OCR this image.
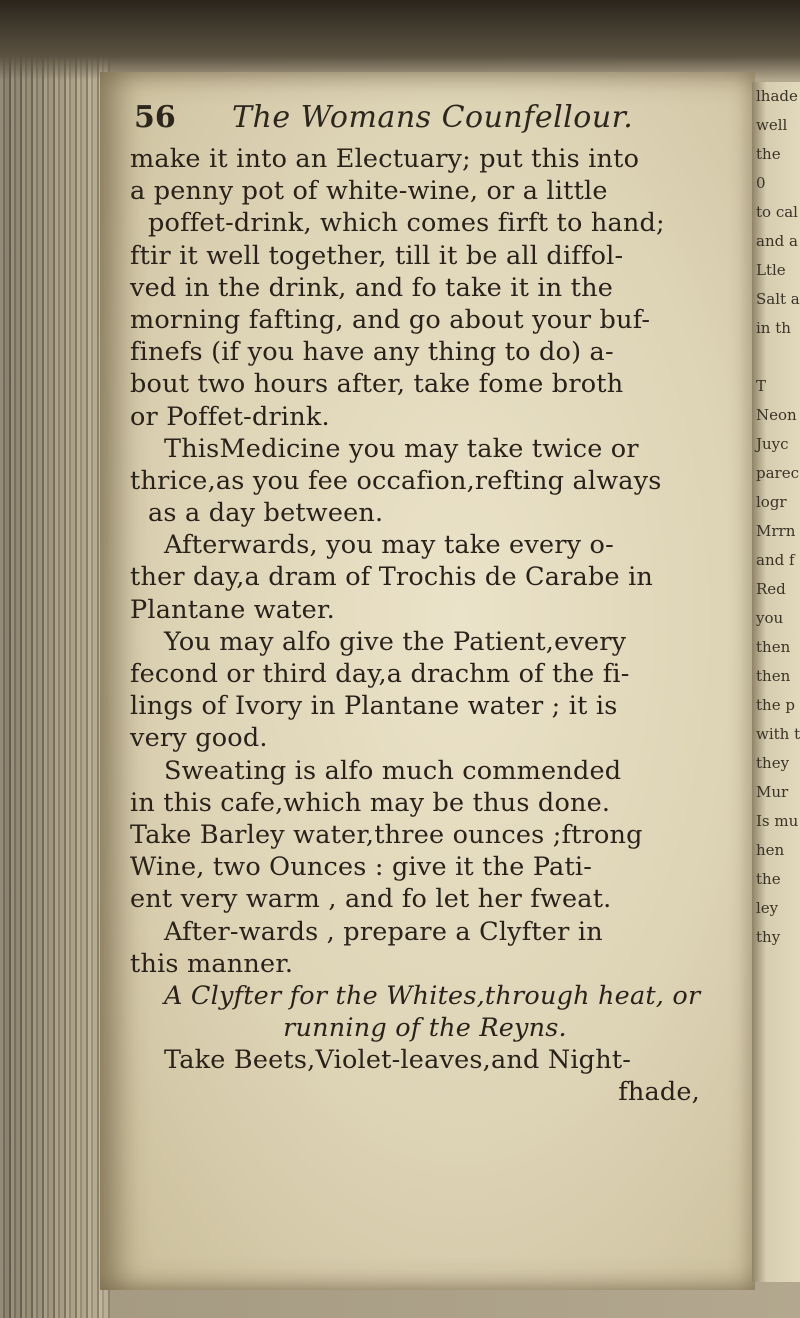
lhade
well
the
0
to cal
and a
Ltle
Salt a
in th
T
Neon
Juyc
parec
logr
Mrrn
and f
Red
you
then
then
the p
with t
they
Mur
Is mu
hen
the
ley
thy
56 The Womans Counfellour.
make it into an Electuary; put this into
a penny pot of white-wine, or a little
poffet-drink, which comes firft to hand;
ftir it well together, till it be all diffol-
ved in the drink, and fo take it in the
morning fafting, and go about your buf-
finefs (if you have any thing to do) a-
bout two hours after, take fome broth
or Poffet-drink.
ThisMedicine you may take twice or
thrice,as you fee occafion,refting always
as a day between.
Afterwards, you may take every o-
ther day,a dram of Trochis de Carabe in
Plantane water.
You may alfo give the Patient,every
fecond or third day,a drachm of the fi-
lings of Ivory in Plantane water ; it is
very good.
Sweating is alfo much commended
in this cafe,which may be thus done.
Take Barley water,three ounces ;ftrong
Wine, two Ounces : give it the Pati-
ent very warm , and fo let her fweat.
After-wards , prepare a Clyfter in
this manner.
A Clyfter for the Whites,through heat, or
running of the Reyns.
Take Beets,Violet-leaves,and Night-
fhade,
